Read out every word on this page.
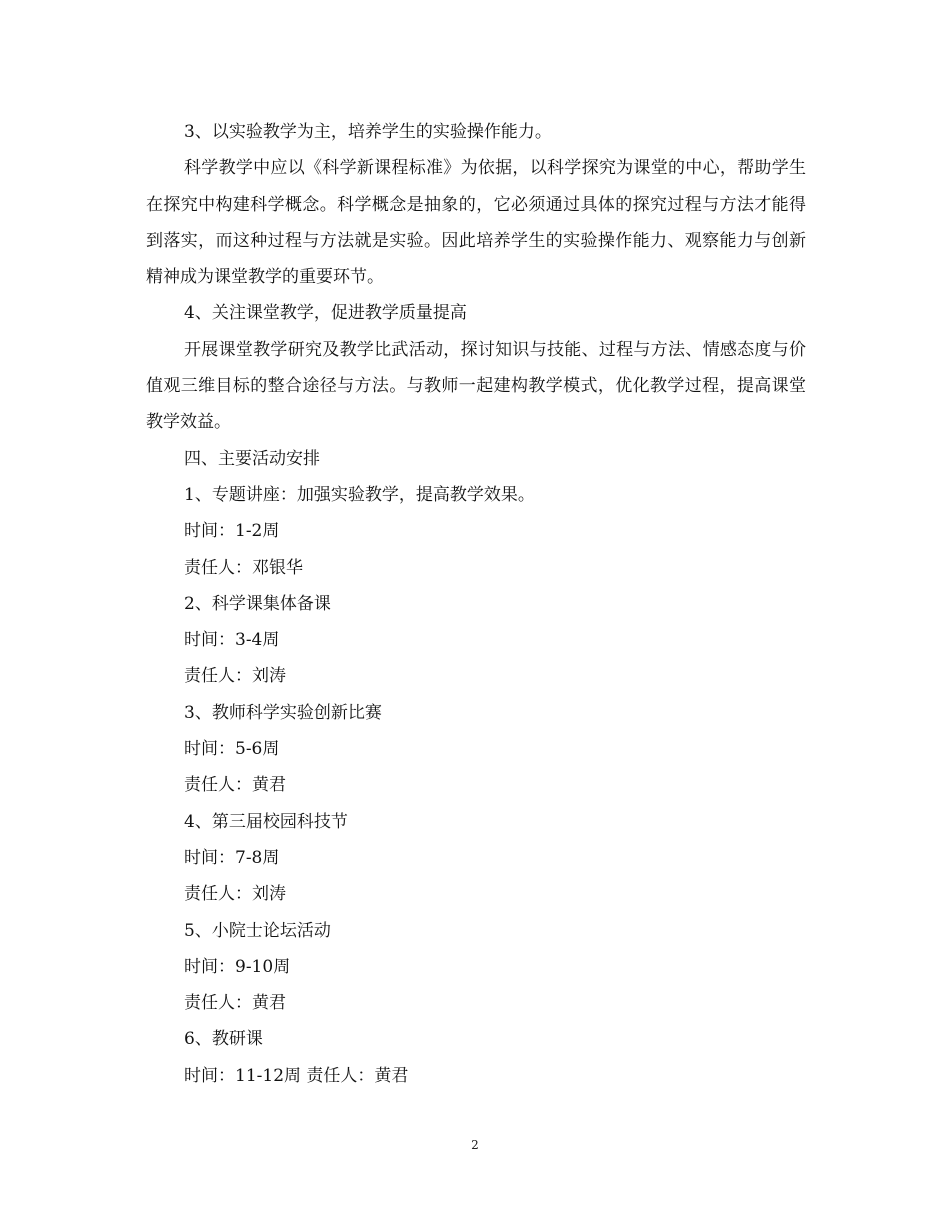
3、以实验教学为主，培养学生的实验操作能力。

科学教学中应以《科学新课程标准》为依据，以科学探究为课堂的中心，帮助学生在探究中构建科学概念。科学概念是抽象的，它必须通过具体的探究过程与方法才能得到落实，而这种过程与方法就是实验。因此培养学生的实验操作能力、观察能力与创新精神成为课堂教学的重要环节。

4、关注课堂教学，促进教学质量提高

开展课堂教学研究及教学比武活动，探讨知识与技能、过程与方法、情感态度与价值观三维目标的整合途径与方法。与教师一起建构教学模式，优化教学过程，提高课堂教学效益。

四、主要活动安排

1、专题讲座：加强实验教学，提高教学效果。

时间：1-2周

责任人：邓银华

2、科学课集体备课

时间：3-4周

责任人：刘涛

3、教师科学实验创新比赛

时间：5-6周

责任人：黄君

4、第三届校园科技节

时间：7-8周

责任人：刘涛

5、小院士论坛活动

时间：9-10周

责任人：黄君

6、教研课

时间：11-12周 责任人：黄君

2
